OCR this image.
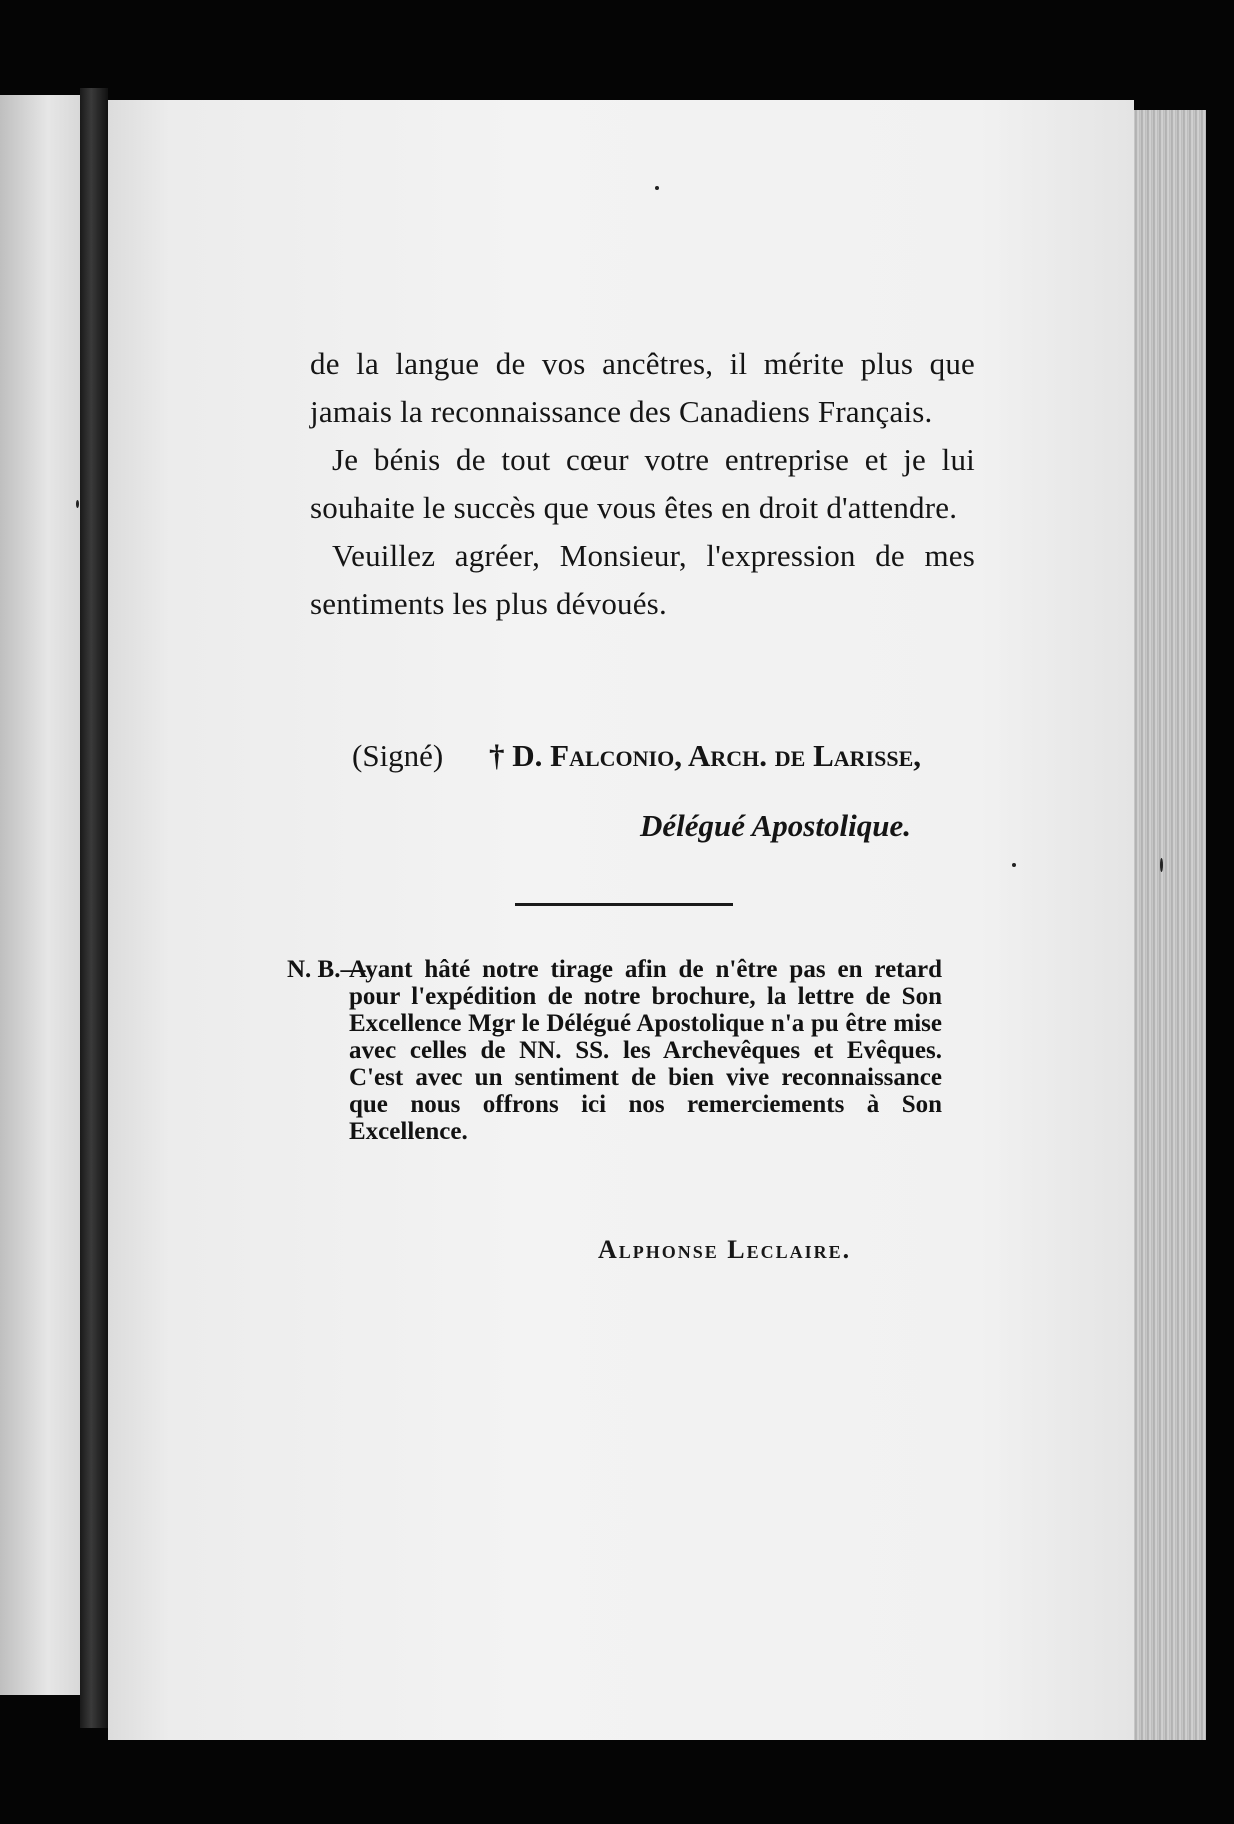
de la langue de vos ancêtres, il mérite plus que jamais la reconnaissance des Canadiens Français.

Je bénis de tout cœur votre entreprise et je lui souhaite le succès que vous êtes en droit d'attendre.

Veuillez agréer, Monsieur, l'expression de mes sentiments les plus dévoués.

(Signé) † D. Falconio, Arch. de Larisse,
Délégué Apostolique.
N. B.—
Ayant hâté notre tirage afin de n'être pas en retard pour l'expédition de notre brochure, la lettre de Son Excellence Mgr le Délégué Apostolique n'a pu être mise avec celles de NN. SS. les Archevêques et Evêques. C'est avec un sentiment de bien vive reconnaissance que nous offrons ici nos remerciements à Son Excellence.
Alphonse Leclaire.
